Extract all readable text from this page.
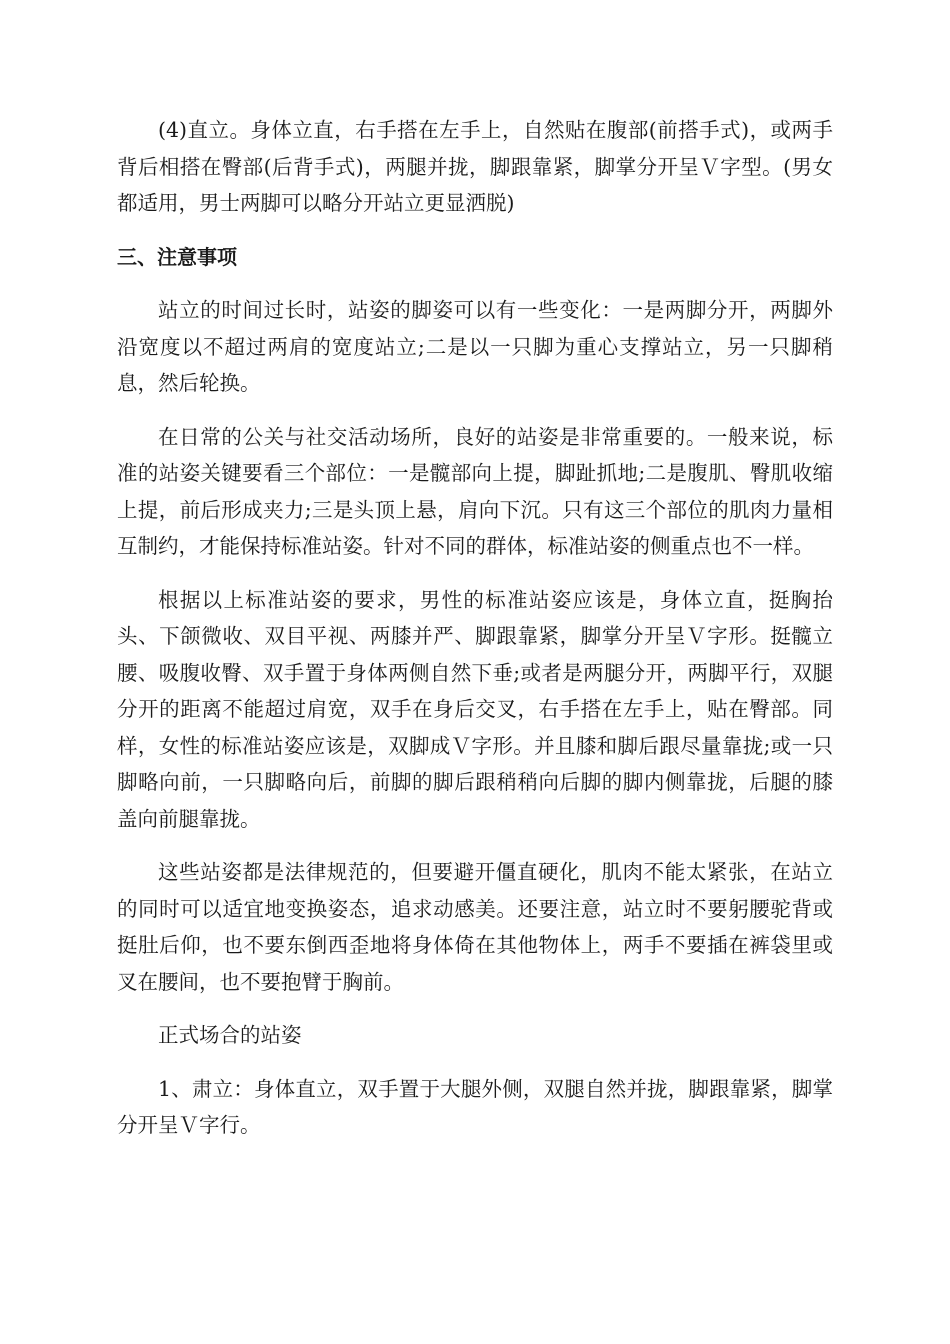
(4)直立。身体立直，右手搭在左手上，自然贴在腹部(前搭手式)，或两手背后相搭在臀部(后背手式)，两腿并拢，脚跟靠紧，脚掌分开呈Ｖ字型。(男女都适用，男士两脚可以略分开站立更显洒脱)

三、注意事项

站立的时间过长时，站姿的脚姿可以有一些变化：一是两脚分开，两脚外沿宽度以不超过两肩的宽度站立;二是以一只脚为重心支撑站立，另一只脚稍息，然后轮换。

在日常的公关与社交活动场所，良好的站姿是非常重要的。一般来说，标准的站姿关键要看三个部位：一是髋部向上提，脚趾抓地;二是腹肌、臀肌收缩上提，前后形成夹力;三是头顶上悬，肩向下沉。只有这三个部位的肌肉力量相互制约，才能保持标准站姿。针对不同的群体，标准站姿的侧重点也不一样。

根据以上标准站姿的要求，男性的标准站姿应该是，身体立直，挺胸抬头、下颌微收、双目平视、两膝并严、脚跟靠紧，脚掌分开呈Ｖ字形。挺髋立腰、吸腹收臀、双手置于身体两侧自然下垂;或者是两腿分开，两脚平行，双腿分开的距离不能超过肩宽，双手在身后交叉，右手搭在左手上，贴在臀部。同样，女性的标准站姿应该是，双脚成Ｖ字形。并且膝和脚后跟尽量靠拢;或一只脚略向前，一只脚略向后，前脚的脚后跟稍稍向后脚的脚内侧靠拢，后腿的膝盖向前腿靠拢。

这些站姿都是法律规范的，但要避开僵直硬化，肌肉不能太紧张，在站立的同时可以适宜地变换姿态，追求动感美。还要注意，站立时不要躬腰驼背或挺肚后仰，也不要东倒西歪地将身体倚在其他物体上，两手不要插在裤袋里或叉在腰间，也不要抱臂于胸前。

正式场合的站姿

1、肃立：身体直立，双手置于大腿外侧，双腿自然并拢，脚跟靠紧，脚掌分开呈Ｖ字行。
